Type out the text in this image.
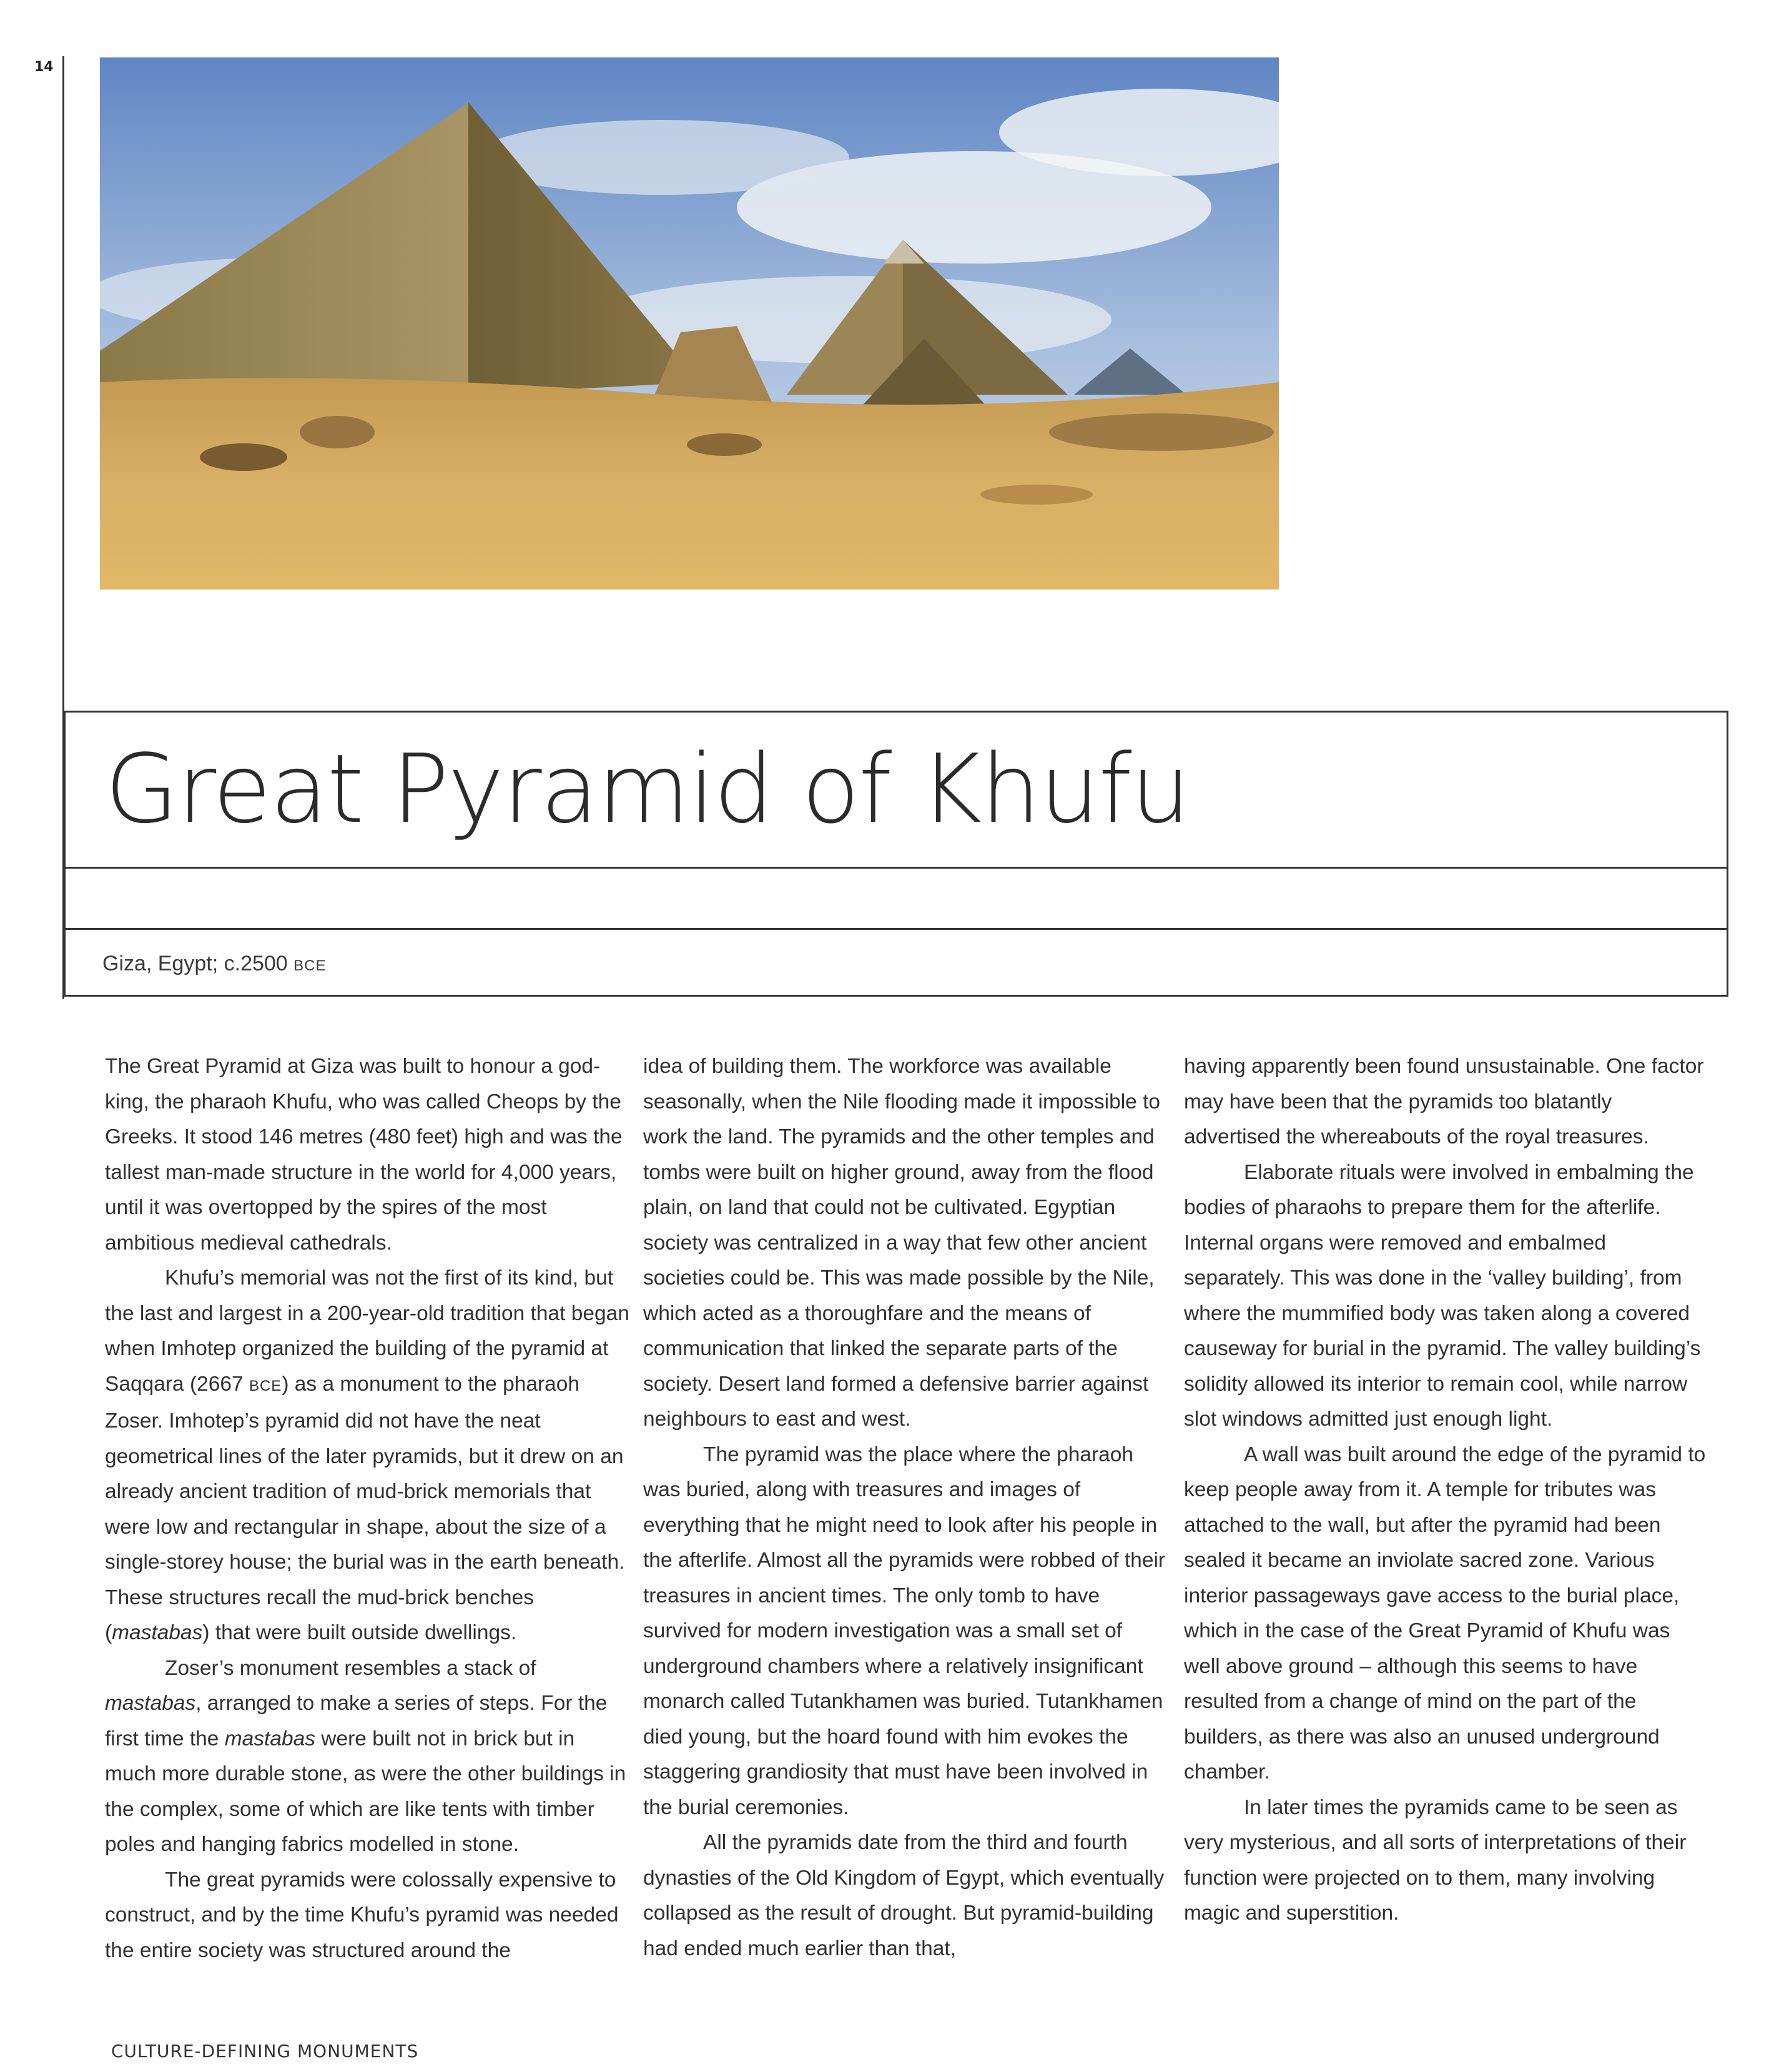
14
Great Pyramid of Khufu
Giza, Egypt; c.2500 BCE

The Great Pyramid at Giza was built to honour a god-king, the pharaoh Khufu, who was called Cheops by the Greeks. It stood 146 metres (480 feet) high and was the tallest man-made structure in the world for 4,000 years, until it was overtopped by the spires of the most ambitious medieval cathedrals.

Khufu’s memorial was not the first of its kind, but the last and largest in a 200-year-old tradition that began when Imhotep organized the building of the pyramid at Saqqara (2667 BCE) as a monument to the pharaoh Zoser. Imhotep’s pyramid did not have the neat geometrical lines of the later pyramids, but it drew on an already ancient tradition of mud-brick memorials that were low and rectangular in shape, about the size of a single-storey house; the burial was in the earth beneath. These structures recall the mud-brick benches (mastabas) that were built outside dwellings.

Zoser’s monument resembles a stack of mastabas, arranged to make a series of steps. For the first time the mastabas were built not in brick but in much more durable stone, as were the other buildings in the complex, some of which are like tents with timber poles and hanging fabrics modelled in stone.

The great pyramids were colossally expensive to construct, and by the time Khufu’s pyramid was needed the entire society was structured around the

idea of building them. The workforce was available seasonally, when the Nile flooding made it impossible to work the land. The pyramids and the other temples and tombs were built on higher ground, away from the flood plain, on land that could not be cultivated. Egyptian society was centralized in a way that few other ancient societies could be. This was made possible by the Nile, which acted as a thoroughfare and the means of communication that linked the separate parts of the society. Desert land formed a defensive barrier against neighbours to east and west.

The pyramid was the place where the pharaoh was buried, along with treasures and images of everything that he might need to look after his people in the afterlife. Almost all the pyramids were robbed of their treasures in ancient times. The only tomb to have survived for modern investigation was a small set of underground chambers where a relatively insignificant monarch called Tutankhamen was buried. Tutankhamen died young, but the hoard found with him evokes the staggering grandiosity that must have been involved in the burial ceremonies.

All the pyramids date from the third and fourth dynasties of the Old Kingdom of Egypt, which eventually collapsed as the result of drought. But pyramid-building had ended much earlier than that,

having apparently been found unsustainable. One factor may have been that the pyramids too blatantly advertised the whereabouts of the royal treasures.

Elaborate rituals were involved in embalming the bodies of pharaohs to prepare them for the afterlife. Internal organs were removed and embalmed separately. This was done in the ‘valley building’, from where the mummified body was taken along a covered causeway for burial in the pyramid. The valley building’s solidity allowed its interior to remain cool, while narrow slot windows admitted just enough light.

A wall was built around the edge of the pyramid to keep people away from it. A temple for tributes was attached to the wall, but after the pyramid had been sealed it became an inviolate sacred zone. Various interior passageways gave access to the burial place, which in the case of the Great Pyramid of Khufu was well above ground – although this seems to have resulted from a change of mind on the part of the builders, as there was also an unused underground chamber.

In later times the pyramids came to be seen as very mysterious, and all sorts of interpretations of their function were projected on to them, many involving magic and superstition.

CULTURE-DEFINING MONUMENTS
